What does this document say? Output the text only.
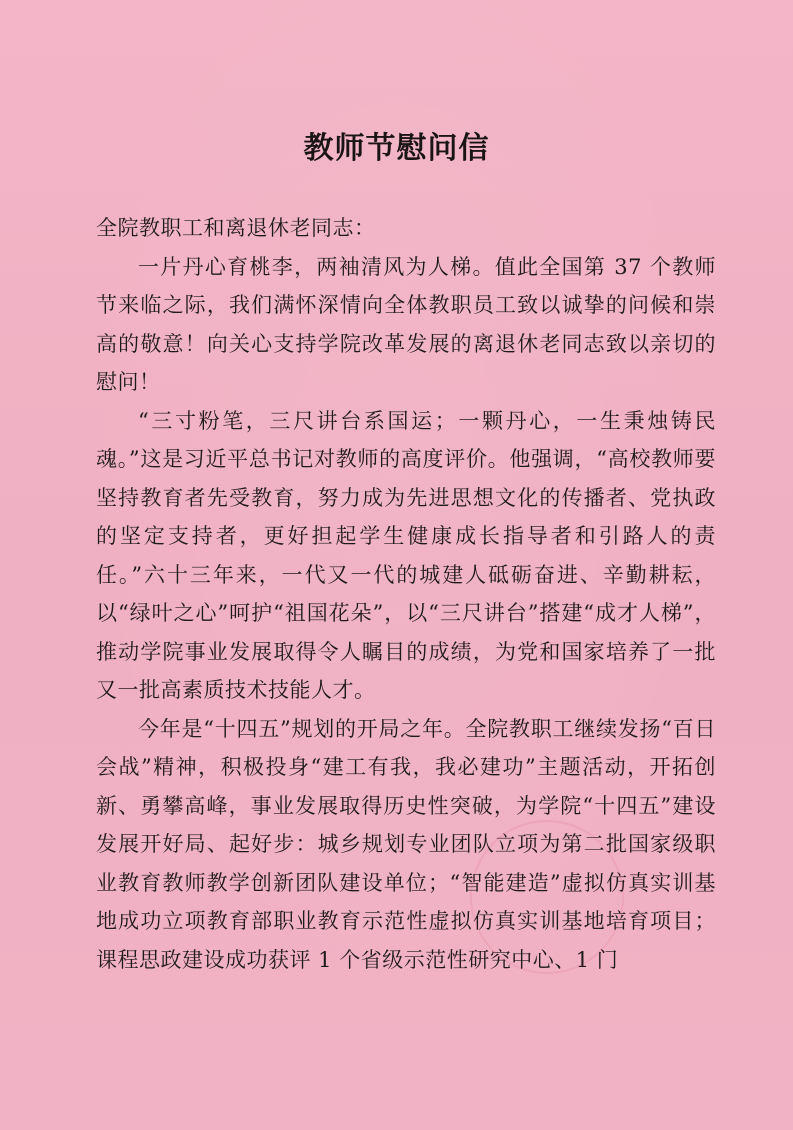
教师节慰问信

全院教职工和离退休老同志：

一片丹心育桃李，两袖清风为人梯。值此全国第 37 个教师节来临之际，我们满怀深情向全体教职员工致以诚挚的问候和崇高的敬意！向关心支持学院改革发展的离退休老同志致以亲切的慰问！

“三寸粉笔，三尺讲台系国运；一颗丹心，一生秉烛铸民魂。”这是习近平总书记对教师的高度评价。他强调，“高校教师要坚持教育者先受教育，努力成为先进思想文化的传播者、党执政的坚定支持者，更好担起学生健康成长指导者和引路人的责任。”六十三年来，一代又一代的城建人砥砺奋进、辛勤耕耘，以“绿叶之心”呵护“祖国花朵”，以“三尺讲台”搭建“成才人梯”，推动学院事业发展取得令人瞩目的成绩，为党和国家培养了一批又一批高素质技术技能人才。

今年是“十四五”规划的开局之年。全院教职工继续发扬“百日会战”精神，积极投身“建工有我，我必建功”主题活动，开拓创新、勇攀高峰，事业发展取得历史性突破，为学院“十四五”建设发展开好局、起好步：城乡规划专业团队立项为第二批国家级职业教育教师教学创新团队建设单位；“智能建造”虚拟仿真实训基地成功立项教育部职业教育示范性虚拟仿真实训基地培育项目；课程思政建设成功获评 1 个省级示范性研究中心、1 门
